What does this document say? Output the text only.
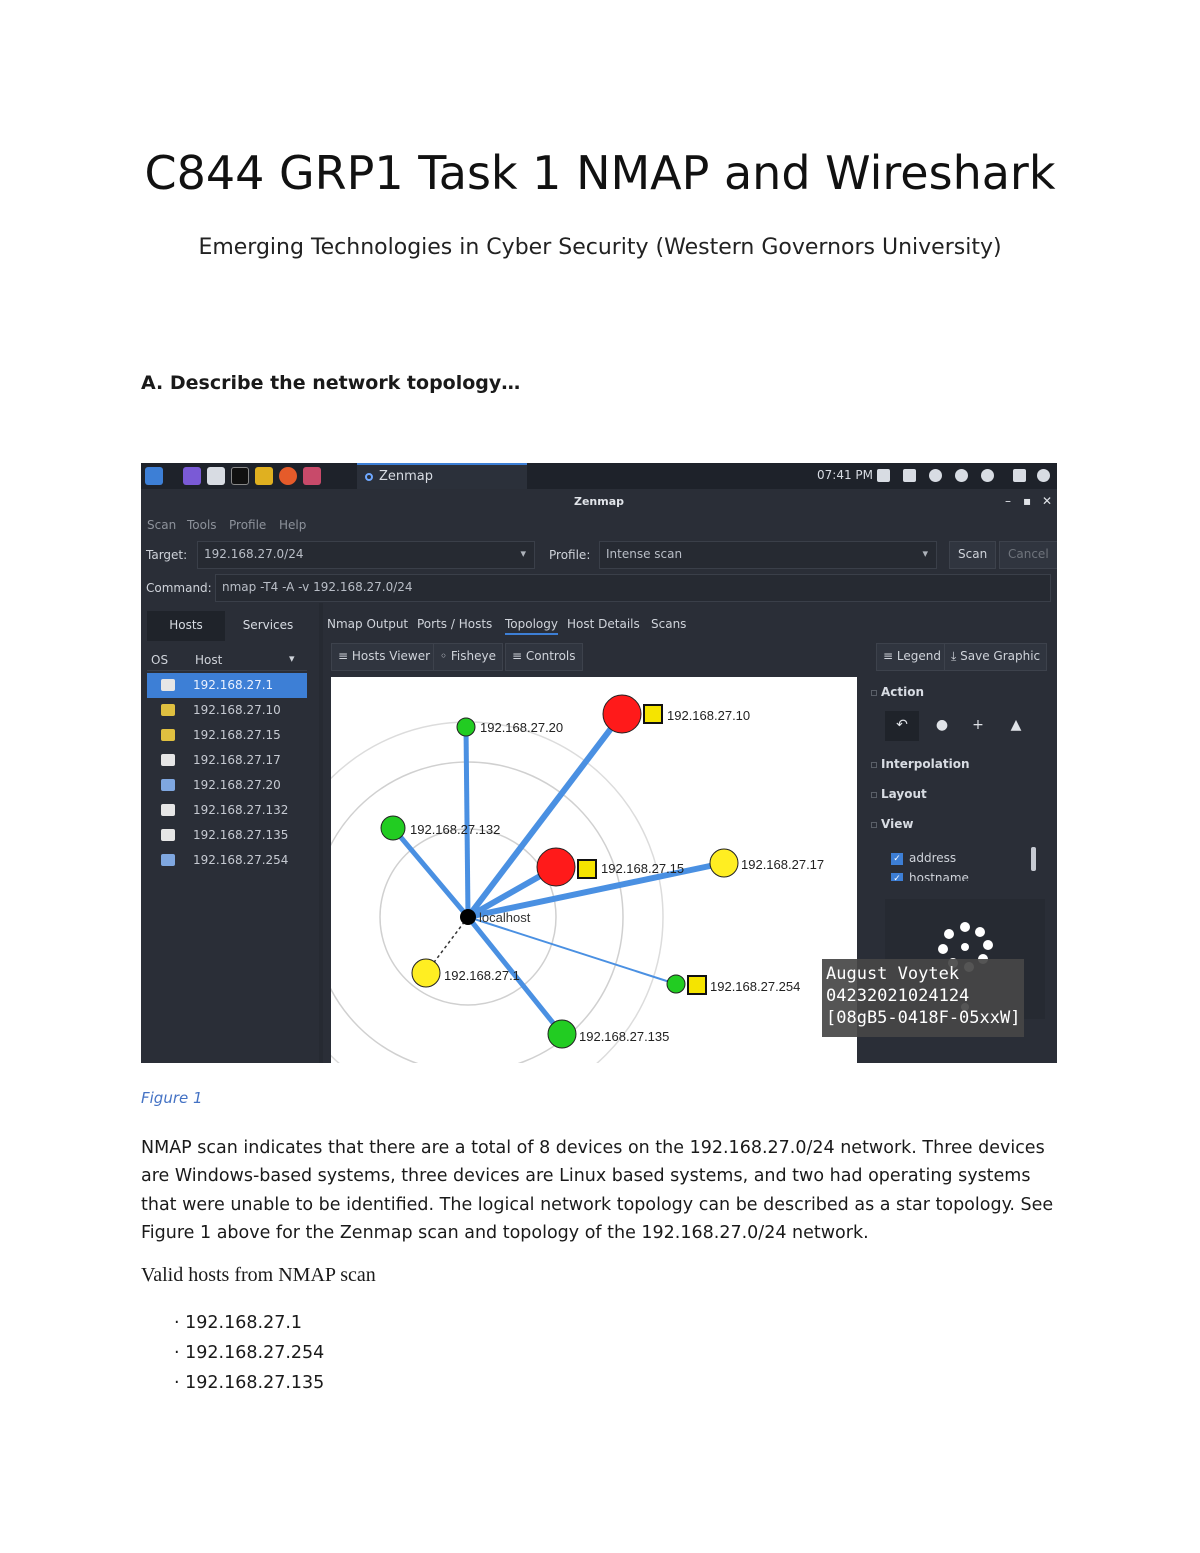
C844 GRP1 Task 1 NMAP and Wireshark

Emerging Technologies in Cyber Security (Western Governors University)

A. Describe the network topology…
Zenmap	07:41 PM
Zenmap	– ▪ ✕
Scan Tools Profile Help
Target:	192.168.27.0/24	▾ Profile:	Intense scan	▾	Scan	Cancel
Command: nmap -T4 -A -v 192.168.27.0/24
Hosts	Services
OS Host	▾
192.168.27.1
192.168.27.10
192.168.27.15
192.168.27.17
192.168.27.20
192.168.27.132
192.168.27.135
192.168.27.254
Nmap Output Ports / Hosts Topology Host Details Scans
≡ Hosts Viewer ◦ Fisheye	≡ Controls	≡ Legend ⤓ Save Graphic
192.168.27.10
192.168.27.20
192.168.27.132
192.168.27.15	192.168.27.17
192.168.27.1
192.168.27.254
192.168.27.135
localhost
Action
↶	●	+	▲
Interpolation
Layout
View
✓ address
✓ hostname
August Voytek
04232021024124
[08gB5-0418F-05xxW]

Figure 1

NMAP scan indicates that there are a total of 8 devices on the 192.168.27.0/24 network. Three devices are Windows-based systems, three devices are Linux based systems, and two had operating systems that were unable to be identified. The logical network topology can be described as a star topology. See Figure 1 above for the Zenmap scan and topology of the 192.168.27.0/24 network.

Valid hosts from NMAP scan

· 192.168.27.1
· 192.168.27.254
· 192.168.27.135
